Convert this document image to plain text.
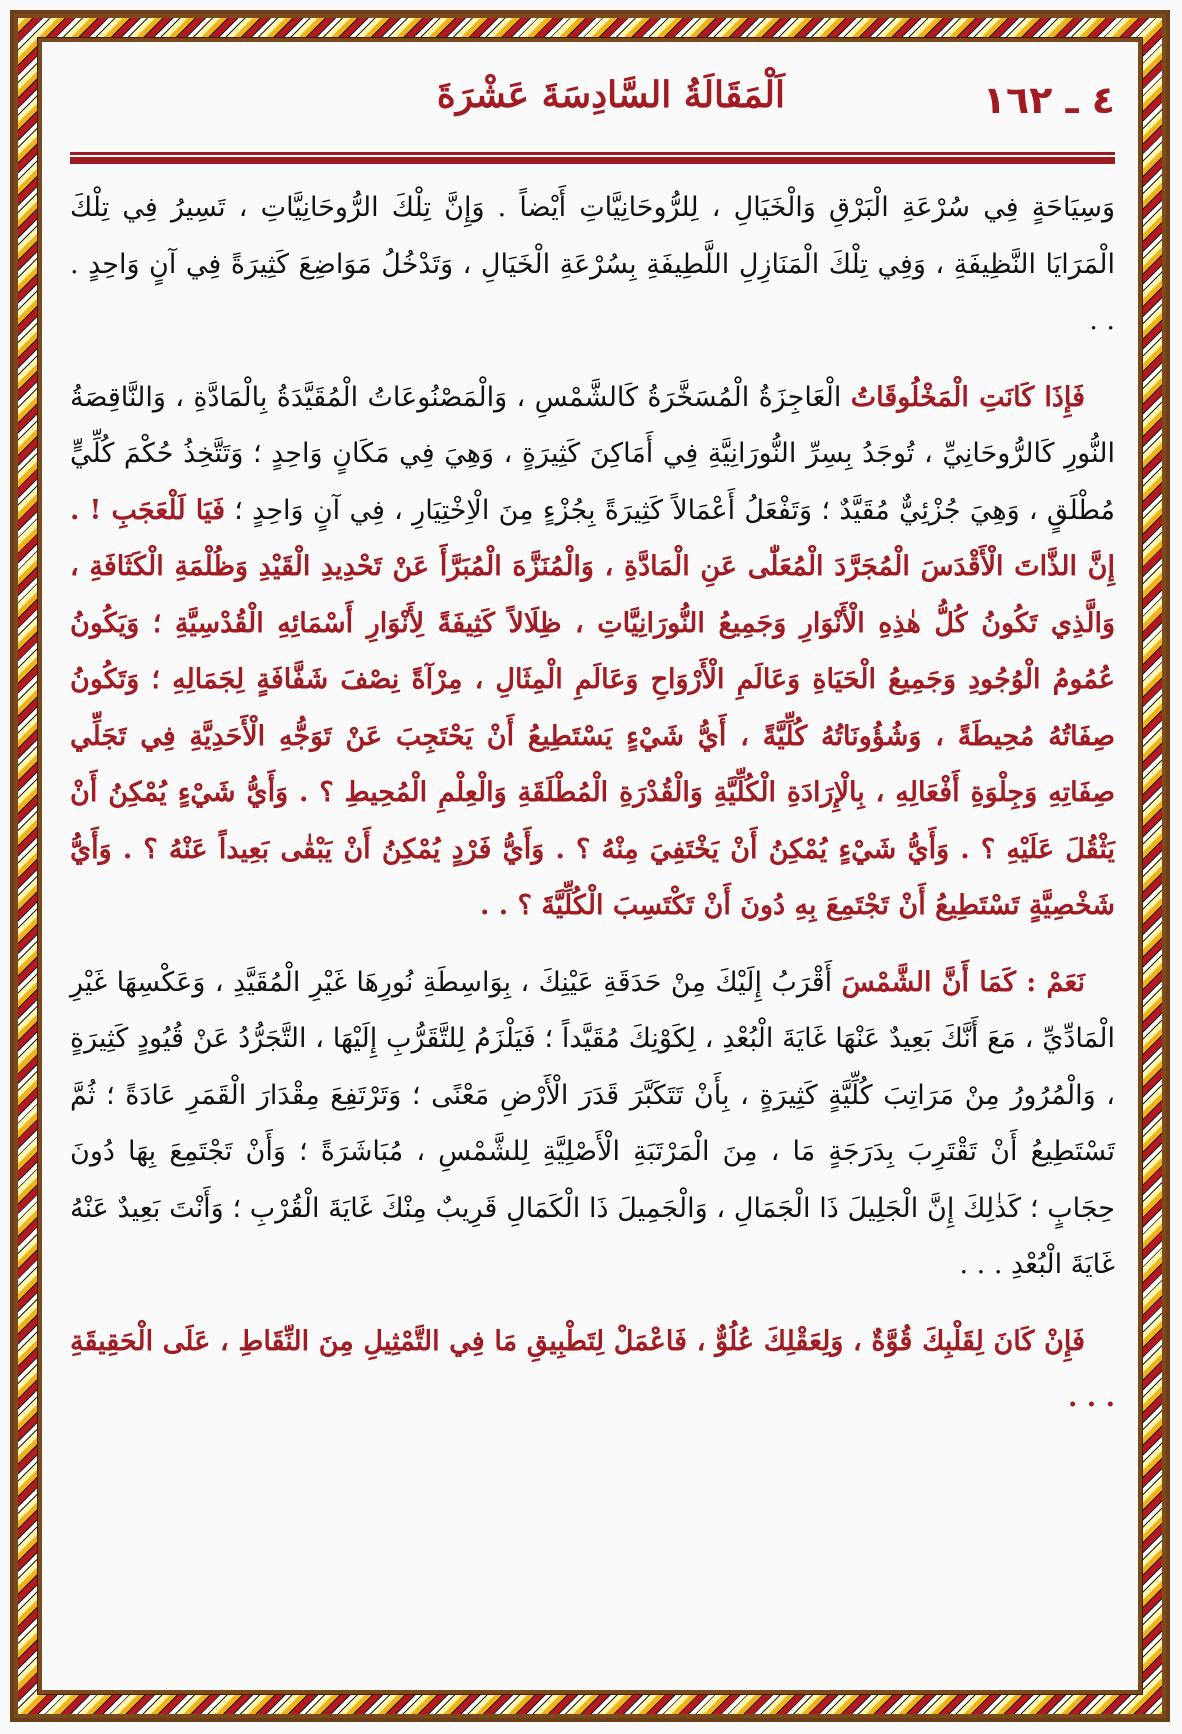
٤ ـ ١٦٢
اَلْمَقَالَةُ السَّادِسَةَ عَشْرَةَ

وَسِيَاحَةٍ فِي سُرْعَةِ الْبَرْقِ وَالْخَيَالِ ، لِلرُّوحَانِيَّاتِ أَيْضاً . وَإِنَّ تِلْكَ الرُّوحَانِيَّاتِ ، تَسِيرُ فِي تِلْكَ الْمَرَايَا النَّظِيفَةِ ، وَفِي تِلْكَ الْمَنَازِلِ اللَّطِيفَةِ بِسُرْعَةِ الْخَيَالِ ، وَتَدْخُلُ مَوَاضِعَ كَثِيرَةً فِي آنٍ وَاحِدٍ . . .

فَإِذَا كَانَتِ الْمَخْلُوقَاتُ الْعَاجِزَةُ الْمُسَخَّرَةُ كَالشَّمْسِ ، وَالْمَصْنُوعَاتُ الْمُقَيَّدَةُ بِالْمَادَّةِ ، وَالنَّاقِصَةُ النُّورِ كَالرُّوحَانِيِّ ، تُوجَدُ بِسِرِّ النُّورَانِيَّةِ فِي أَمَاكِنَ كَثِيرَةٍ ، وَهِيَ فِي مَكَانٍ وَاحِدٍ ؛ وَتَتَّخِذُ حُكْمَ كُلِّيٍّ مُطْلَقٍ ، وَهِيَ جُزْئِيٌّ مُقَيَّدٌ ؛ وَتَفْعَلُ أَعْمَالاً كَثِيرَةً بِجُزْءٍ مِنَ الْاِخْتِيَارِ ، فِي آنٍ وَاحِدٍ ؛ فَيَا لَلْعَجَبِ ! . إِنَّ الذَّاتَ الْأَقْدَسَ الْمُجَرَّدَ الْمُعَلّٰى عَنِ الْمَادَّةِ ، وَالْمُنَزَّهَ الْمُبَرَّأَ عَنْ تَحْدِيدِ الْقَيْدِ وَظُلْمَةِ الْكَثَافَةِ ، وَالَّذِي تَكُونُ كُلُّ هٰذِهِ الْأَنْوَارِ وَجَمِيعُ النُّورَانِيَّاتِ ، ظِلَالاً كَثِيفَةً لِأَنْوَارِ أَسْمَائِهِ الْقُدْسِيَّةِ ؛ وَيَكُونُ عُمُومُ الْوُجُودِ وَجَمِيعُ الْحَيَاةِ وَعَالَمِ الْأَرْوَاحِ وَعَالَمِ الْمِثَالِ ، مِرْآةً نِصْفَ شَفَّافَةٍ لِجَمَالِهِ ؛ وَتَكُونُ صِفَاتُهُ مُحِيطَةً ، وَشُؤُونَاتُهُ كُلِّيَّةً ، أَيُّ شَيْءٍ يَسْتَطِيعُ أَنْ يَحْتَجِبَ عَنْ تَوَجُّهِ الْأَحَدِيَّةِ فِي تَجَلِّي صِفَاتِهِ وَجِلْوَةِ أَفْعَالِهِ ، بِالْإِرَادَةِ الْكُلِّيَّةِ وَالْقُدْرَةِ الْمُطْلَقَةِ وَالْعِلْمِ الْمُحِيطِ ؟ . وَأَيُّ شَيْءٍ يُمْكِنُ أَنْ يَثْقُلَ عَلَيْهِ ؟ . وَأَيُّ شَيْءٍ يُمْكِنُ أَنْ يَخْتَفِيَ مِنْهُ ؟ . وَأَيُّ فَرْدٍ يُمْكِنُ أَنْ يَبْقٰى بَعِيداً عَنْهُ ؟ . وَأَيُّ شَخْصِيَّةٍ تَسْتَطِيعُ أَنْ تَجْتَمِعَ بِهِ دُونَ أَنْ تَكْتَسِبَ الْكُلِّيَّةَ ؟ . .

نَعَمْ : كَمَا أَنَّ الشَّمْسَ أَقْرَبُ إِلَيْكَ مِنْ حَدَقَةِ عَيْنِكَ ، بِوَاسِطَةِ نُورِهَا غَيْرِ الْمُقَيَّدِ ، وَعَكْسِهَا غَيْرِ الْمَادِّيِّ ، مَعَ أَنَّكَ بَعِيدٌ عَنْهَا غَايَةَ الْبُعْدِ ، لِكَوْنِكَ مُقَيَّداً ؛ فَيَلْزَمُ لِلتَّقَرُّبِ إِلَيْهَا ، التَّجَرُّدُ عَنْ قُيُودٍ كَثِيرَةٍ ، وَالْمُرُورُ مِنْ مَرَاتِبَ كُلِّيَّةٍ كَثِيرَةٍ ، بِأَنْ تَتَكَبَّرَ قَدَرَ الْأَرْضِ مَعْنًى ؛ وَتَرْتَفِعَ مِقْدَارَ الْقَمَرِ عَادَةً ؛ ثُمَّ تَسْتَطِيعُ أَنْ تَقْتَرِبَ بِدَرَجَةٍ مَا ، مِنَ الْمَرْتَبَةِ الْأَصْلِيَّةِ لِلشَّمْسِ ، مُبَاشَرَةً ؛ وَأَنْ تَجْتَمِعَ بِهَا دُونَ حِجَابٍ ؛ كَذٰلِكَ إِنَّ الْجَلِيلَ ذَا الْجَمَالِ ، وَالْجَمِيلَ ذَا الْكَمَالِ قَرِيبٌ مِنْكَ غَايَةَ الْقُرْبِ ؛ وَأَنْتَ بَعِيدٌ عَنْهُ غَايَةَ الْبُعْدِ . . .

فَإِنْ كَانَ لِقَلْبِكَ قُوَّةٌ ، وَلِعَقْلِكَ عُلُوٌّ ، فَاعْمَلْ لِتَطْبِيقِ مَا فِي التَّمْثِيلِ مِنَ النِّقَاطِ ، عَلَى الْحَقِيقَةِ . . .
